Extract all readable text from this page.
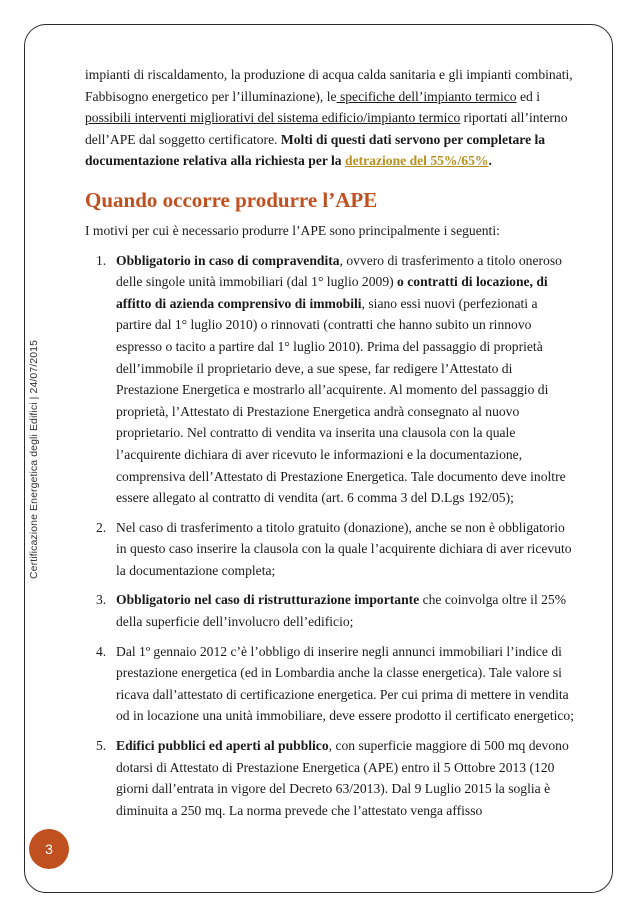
Certificazione Energetica degli Edifici | 24/07/2015
3

impianti di riscaldamento, la produzione di acqua calda sanitaria e gli impianti combinati, Fabbisogno energetico per l’illuminazione), le specifiche dell’impianto termico ed i possibili interventi migliorativi del sistema edificio/impianto termico riportati all’interno dell’APE dal soggetto certificatore. Molti di questi dati servono per completare la documentazione relativa alla richiesta per la detrazione del 55%/65%.

Quando occorre produrre l’APE

I motivi per cui è necessario produrre l’APE sono principalmente i seguenti:

1. Obbligatorio in caso di compravendita, ovvero di trasferimento a titolo oneroso delle singole unità immobiliari (dal 1° luglio 2009) o contratti di locazione, di affitto di azienda comprensivo di immobili, siano essi nuovi (perfezionati a partire dal 1° luglio 2010) o rinnovati (contratti che hanno subito un rinnovo espresso o tacito a partire dal 1° luglio 2010). Prima del passaggio di proprietà dell’immobile il proprietario deve, a sue spese, far redigere l’Attestato di Prestazione Energetica e mostrarlo all’acquirente. Al momento del passaggio di proprietà, l’Attestato di Prestazione Energetica andrà consegnato al nuovo proprietario. Nel contratto di vendita va inserita una clausola con la quale l’acquirente dichiara di aver ricevuto le informazioni e la documentazione, comprensiva dell’Attestato di Prestazione Energetica. Tale documento deve inoltre essere allegato al contratto di vendita (art. 6 comma 3 del D.Lgs 192/05);
2. Nel caso di trasferimento a titolo gratuito (donazione), anche se non è obbligatorio in questo caso inserire la clausola con la quale l’acquirente dichiara di aver ricevuto la documentazione completa;
3. Obbligatorio nel caso di ristrutturazione importante che coinvolga oltre il 25% della superficie dell’involucro dell’edificio;
4. Dal 1º gennaio 2012 c’è l’obbligo di inserire negli annunci immobiliari l’indice di prestazione energetica (ed in Lombardia anche la classe energetica). Tale valore si ricava dall’attestato di certificazione energetica. Per cui prima di mettere in vendita od in locazione una unità immobiliare, deve essere prodotto il certificato energetico;
5. Edifici pubblici ed aperti al pubblico, con superficie maggiore di 500 mq devono dotarsi di Attestato di Prestazione Energetica (APE) entro il 5 Ottobre 2013 (120 giorni dall’entrata in vigore del Decreto 63/2013). Dal 9 Luglio 2015 la soglia è diminuita a 250 mq. La norma prevede che l’attestato venga affisso
